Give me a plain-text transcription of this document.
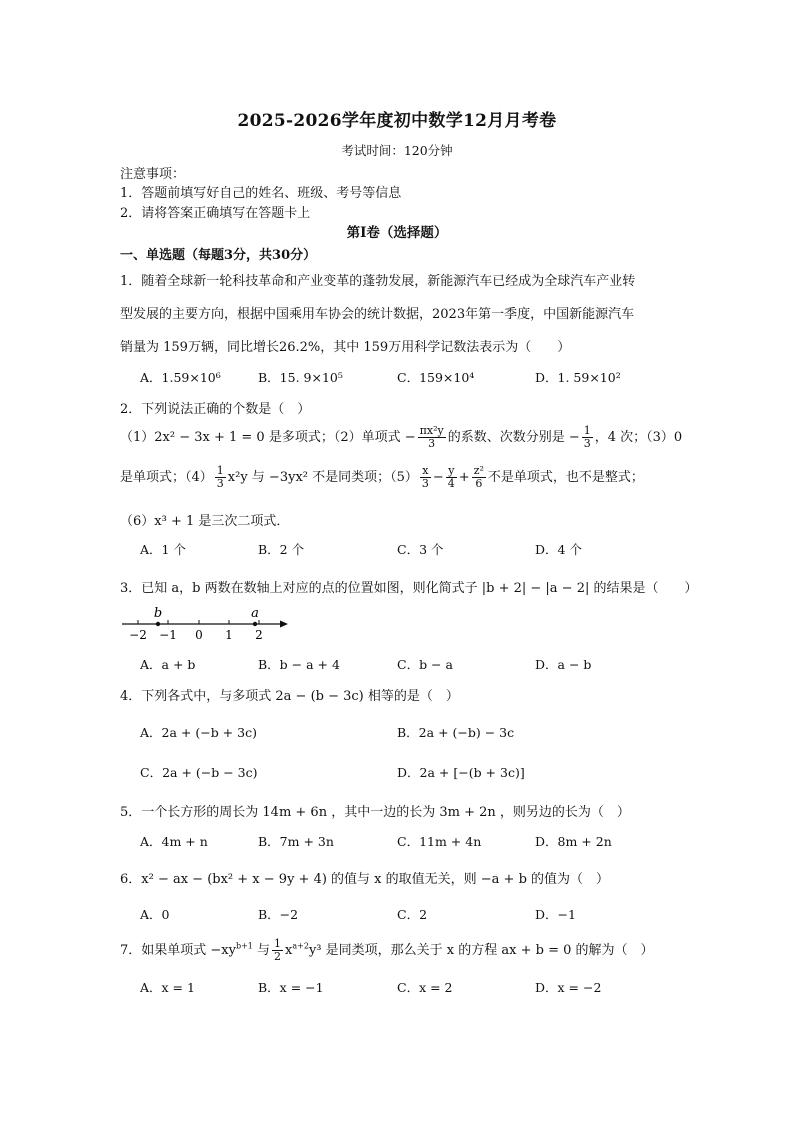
2025-2026学年度初中数学12月月考卷
考试时间：120分钟
注意事项：
1．答题前填写好自己的姓名、班级、考号等信息
2．请将答案正确填写在答题卡上
第I卷（选择题）
一、单选题（每题3分，共30分）
1．随着全球新一轮科技革命和产业变革的蓬勃发展，新能源汽车已经成为全球汽车产业转
型发展的主要方向，根据中国乘用车协会的统计数据，2023年第一季度，中国新能源汽车
销量为 159万辆，同比增长26.2%，其中 159万用科学记数法表示为（　　）
A．1.59×10⁶	B．15. 9×10⁵	C．159×10⁴	D．1. 59×10²
2．下列说法正确的个数是（　）
（1）2x² − 3x + 1 = 0 是多项式；（2）单项式 − $\frac{\text{πx²y}}{3}$ 的系数、次数分别是 − $\frac{1}{3}$ ，4 次；（3）0
是单项式；$(4) \frac{1}{3} x^2y$ 与 −3yx² 不是同类项；$(5) \frac{x}{3} - \frac{y}{4} + \frac{\text{z²}}{6}$ 不是单项式，也不是整式；
（6）x³ + 1 是三次二项式．
A．1 个	B．2 个	C．3 个	D．4 个
3．已知 a，b 两数在数轴上对应的点的位置如图，则化简式子 |b + 2| − |a − 2| 的结果是（　　）
b	a
−2 −1 0 1 2
A．a + b	B．b − a + 4	C．b − a	D．a − b
4．下列各式中，与多项式 2a − (b − 3c) 相等的是（　）
A．2a + (−b + 3c)	B．2a + (−b) − 3c
C．2a + (−b − 3c)	D．2a + [−(b + 3c)]
5．一个长方形的周长为 14m + 6n ，其中一边的长为 3m + 2n ，则另边的长为（　）
A．4m + n	B．7m + 3n	C．11m + 4n	D．8m + 2n
6．x² − ax − (bx² + x − 9y + 4) 的值与 x 的取值无关，则 −a + b 的值为（　）
A．0	B．−2	C．2	D．−1
7．如果单项式 $-xy^{b+1}$ 与 $\frac{1}{2} x^{a+2}y^3$ 是同类项，那么关于 x 的方程 ax + b = 0 的解为（　）
A．x = 1	B．x = −1	C．x = 2	D．x = −2
